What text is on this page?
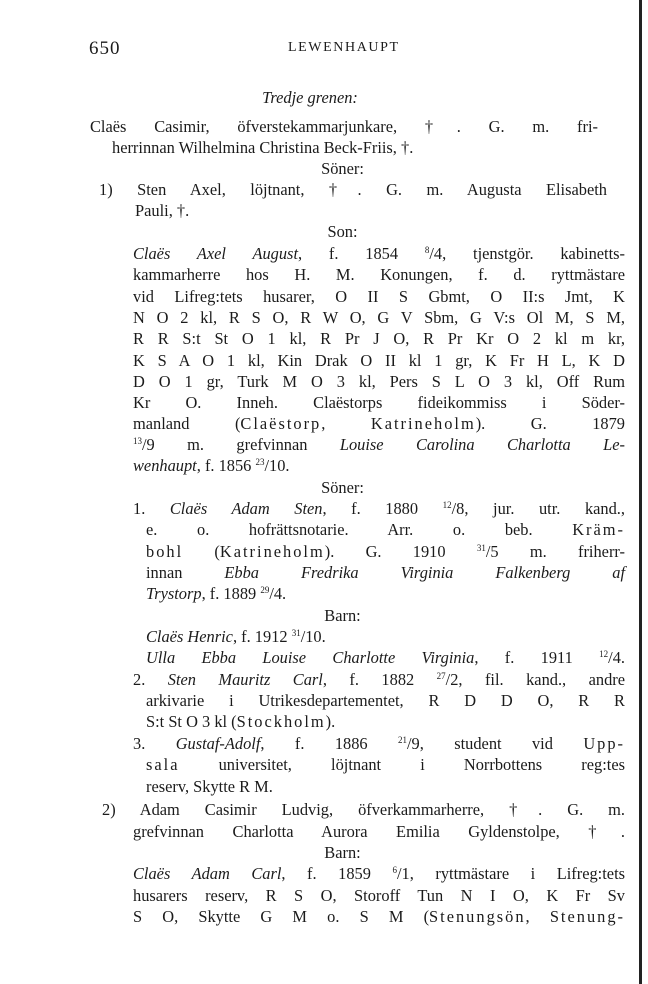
650	LEWENHAUPT
Tredje grenen:
Claës Casimir, öfverstekammarjunkare, †. G. m. fri-
herrinnan Wilhelmina Christina Beck-Friis, †.
Söner:
1) Sten Axel, löjtnant, †. G. m. Augusta Elisabeth
Pauli, †.
Son:
Claës Axel August, f. 1854 $^8$/4, tjenstgör. kabinetts-
kammarherre hos H. M. Konungen, f. d. ryttmästare
vid Lifreg:tets husarer, O II S Gbmt, O II:s Jmt, K
N O 2 kl, R S O, R W O, G V Sbm, G V:s Ol M, S M,
R R S:t St O 1 kl, R Pr J O, R Pr Kr O 2 kl m kr,
K S A O 1 kl, Kin Drak O II kl 1 gr, K Fr H L, K D
D O 1 gr, Turk M O 3 kl, Pers S L O 3 kl, Off Rum
Kr O. Inneh. Claëstorps fideikommiss i Söder-
manland (Claëstorp, Katrineholm). G. 1879
$^{13}$/9 m. grefvinnan Louise Carolina Charlotta Le-
wenhaupt, f. 1856 $^{23}$/10.
Söner:
1. Claës Adam Sten, f. 1880 $^{12}$/8, jur. utr. kand.,
e. o. hofrättsnotarie. Arr. o. beb. Kräm-
bohl (Katrineholm). G. 1910 $^{31}$/5 m. friherr-
innan Ebba Fredrika Virginia Falkenberg af
Trystorp, f. 1889 $^{29}$/4.
Barn:
Claës Henric, f. 1912 $^{31}$/10.
Ulla Ebba Louise Charlotte Virginia, f. 1911 $^{12}$/4.
2. Sten Mauritz Carl, f. 1882 $^{27}$/2, fil. kand., andre
arkivarie i Utrikesdepartementet, R D D O, R R
S:t St O 3 kl (Stockholm).
3. Gustaf-Adolf, f. 1886 $^{21}$/9, student vid Upp-
sala universitet, löjtnant i Norrbottens reg:tes
reserv, Skytte R M.
2) Adam Casimir Ludvig, öfverkammarherre, †. G. m.
grefvinnan Charlotta Aurora Emilia Gyldenstolpe, †.
Barn:
Claës Adam Carl, f. 1859 $^6$/1, ryttmästare i Lifreg:tets
husarers reserv, R S O, Storoff Tun N I O, K Fr Sv
S O, Skytte G M o. S M (Stenungsön, Stenung-
